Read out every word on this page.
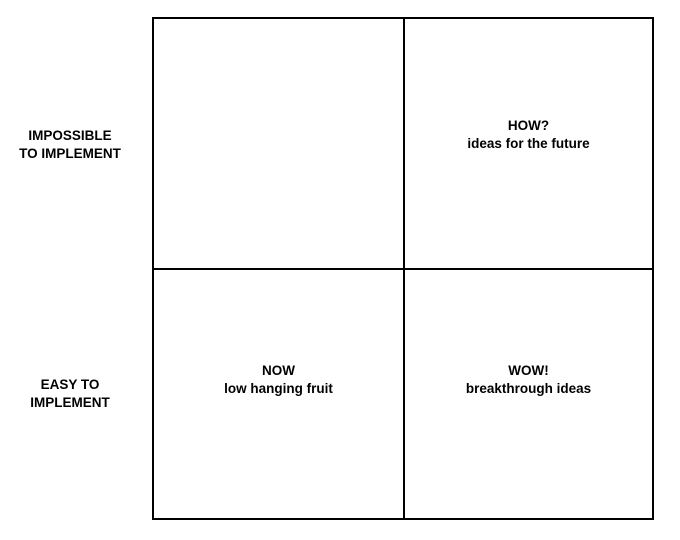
IMPOSSIBLE
TO IMPLEMENT
EASY TO
IMPLEMENT
HOW?
ideas for the future
NOW
low hanging fruit
WOW!
breakthrough ideas
